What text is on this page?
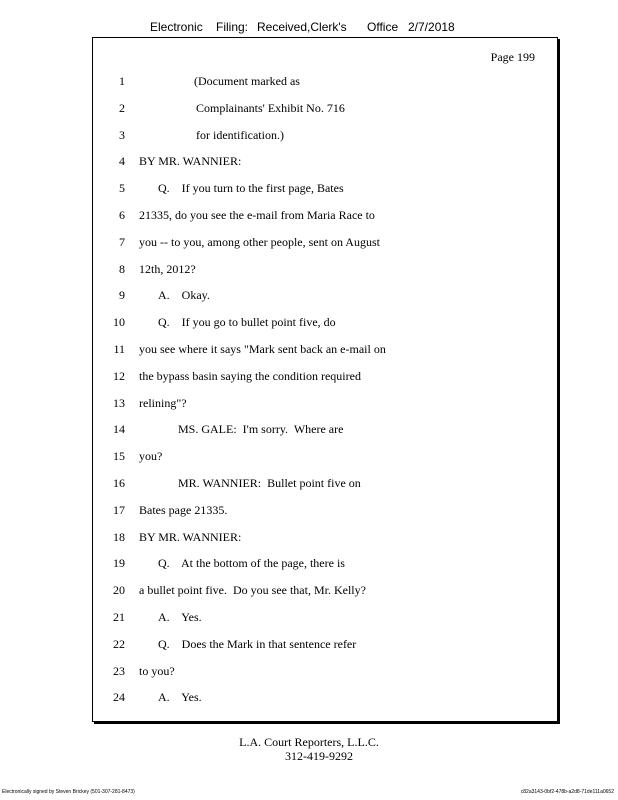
Electronic Filing: Received,Clerk's Office 2/7/2018
Page 199
1	(Document marked as
2	Complainants' Exhibit No. 716
3	for identification.)
4 BY MR. WANNIER:
5	Q.    If you turn to the first page, Bates
6 21335, do you see the e-mail from Maria Race to
7 you -- to you, among other people, sent on August
8 12th, 2012?
9	A.    Okay.
10	Q.    If you go to bullet point five, do
11 you see where it says "Mark sent back an e-mail on
12 the bypass basin saying the condition required
13 relining"?
14	MS. GALE:  I'm sorry.  Where are
15 you?
16	MR. WANNIER:  Bullet point five on
17 Bates page 21335.
18 BY MR. WANNIER:
19	Q.    At the bottom of the page, there is
20 a bullet point five.  Do you see that, Mr. Kelly?
21	A.    Yes.
22	Q.    Does the Mark in that sentence refer
23 to you?
24	A.    Yes.
L.A. Court Reporters, L.L.C.
312-419-9292
Electronically signed by Steven Brickey (501-307-281-8473)	c82a3143-0bf2-478b-a2d8-71de111a0652
